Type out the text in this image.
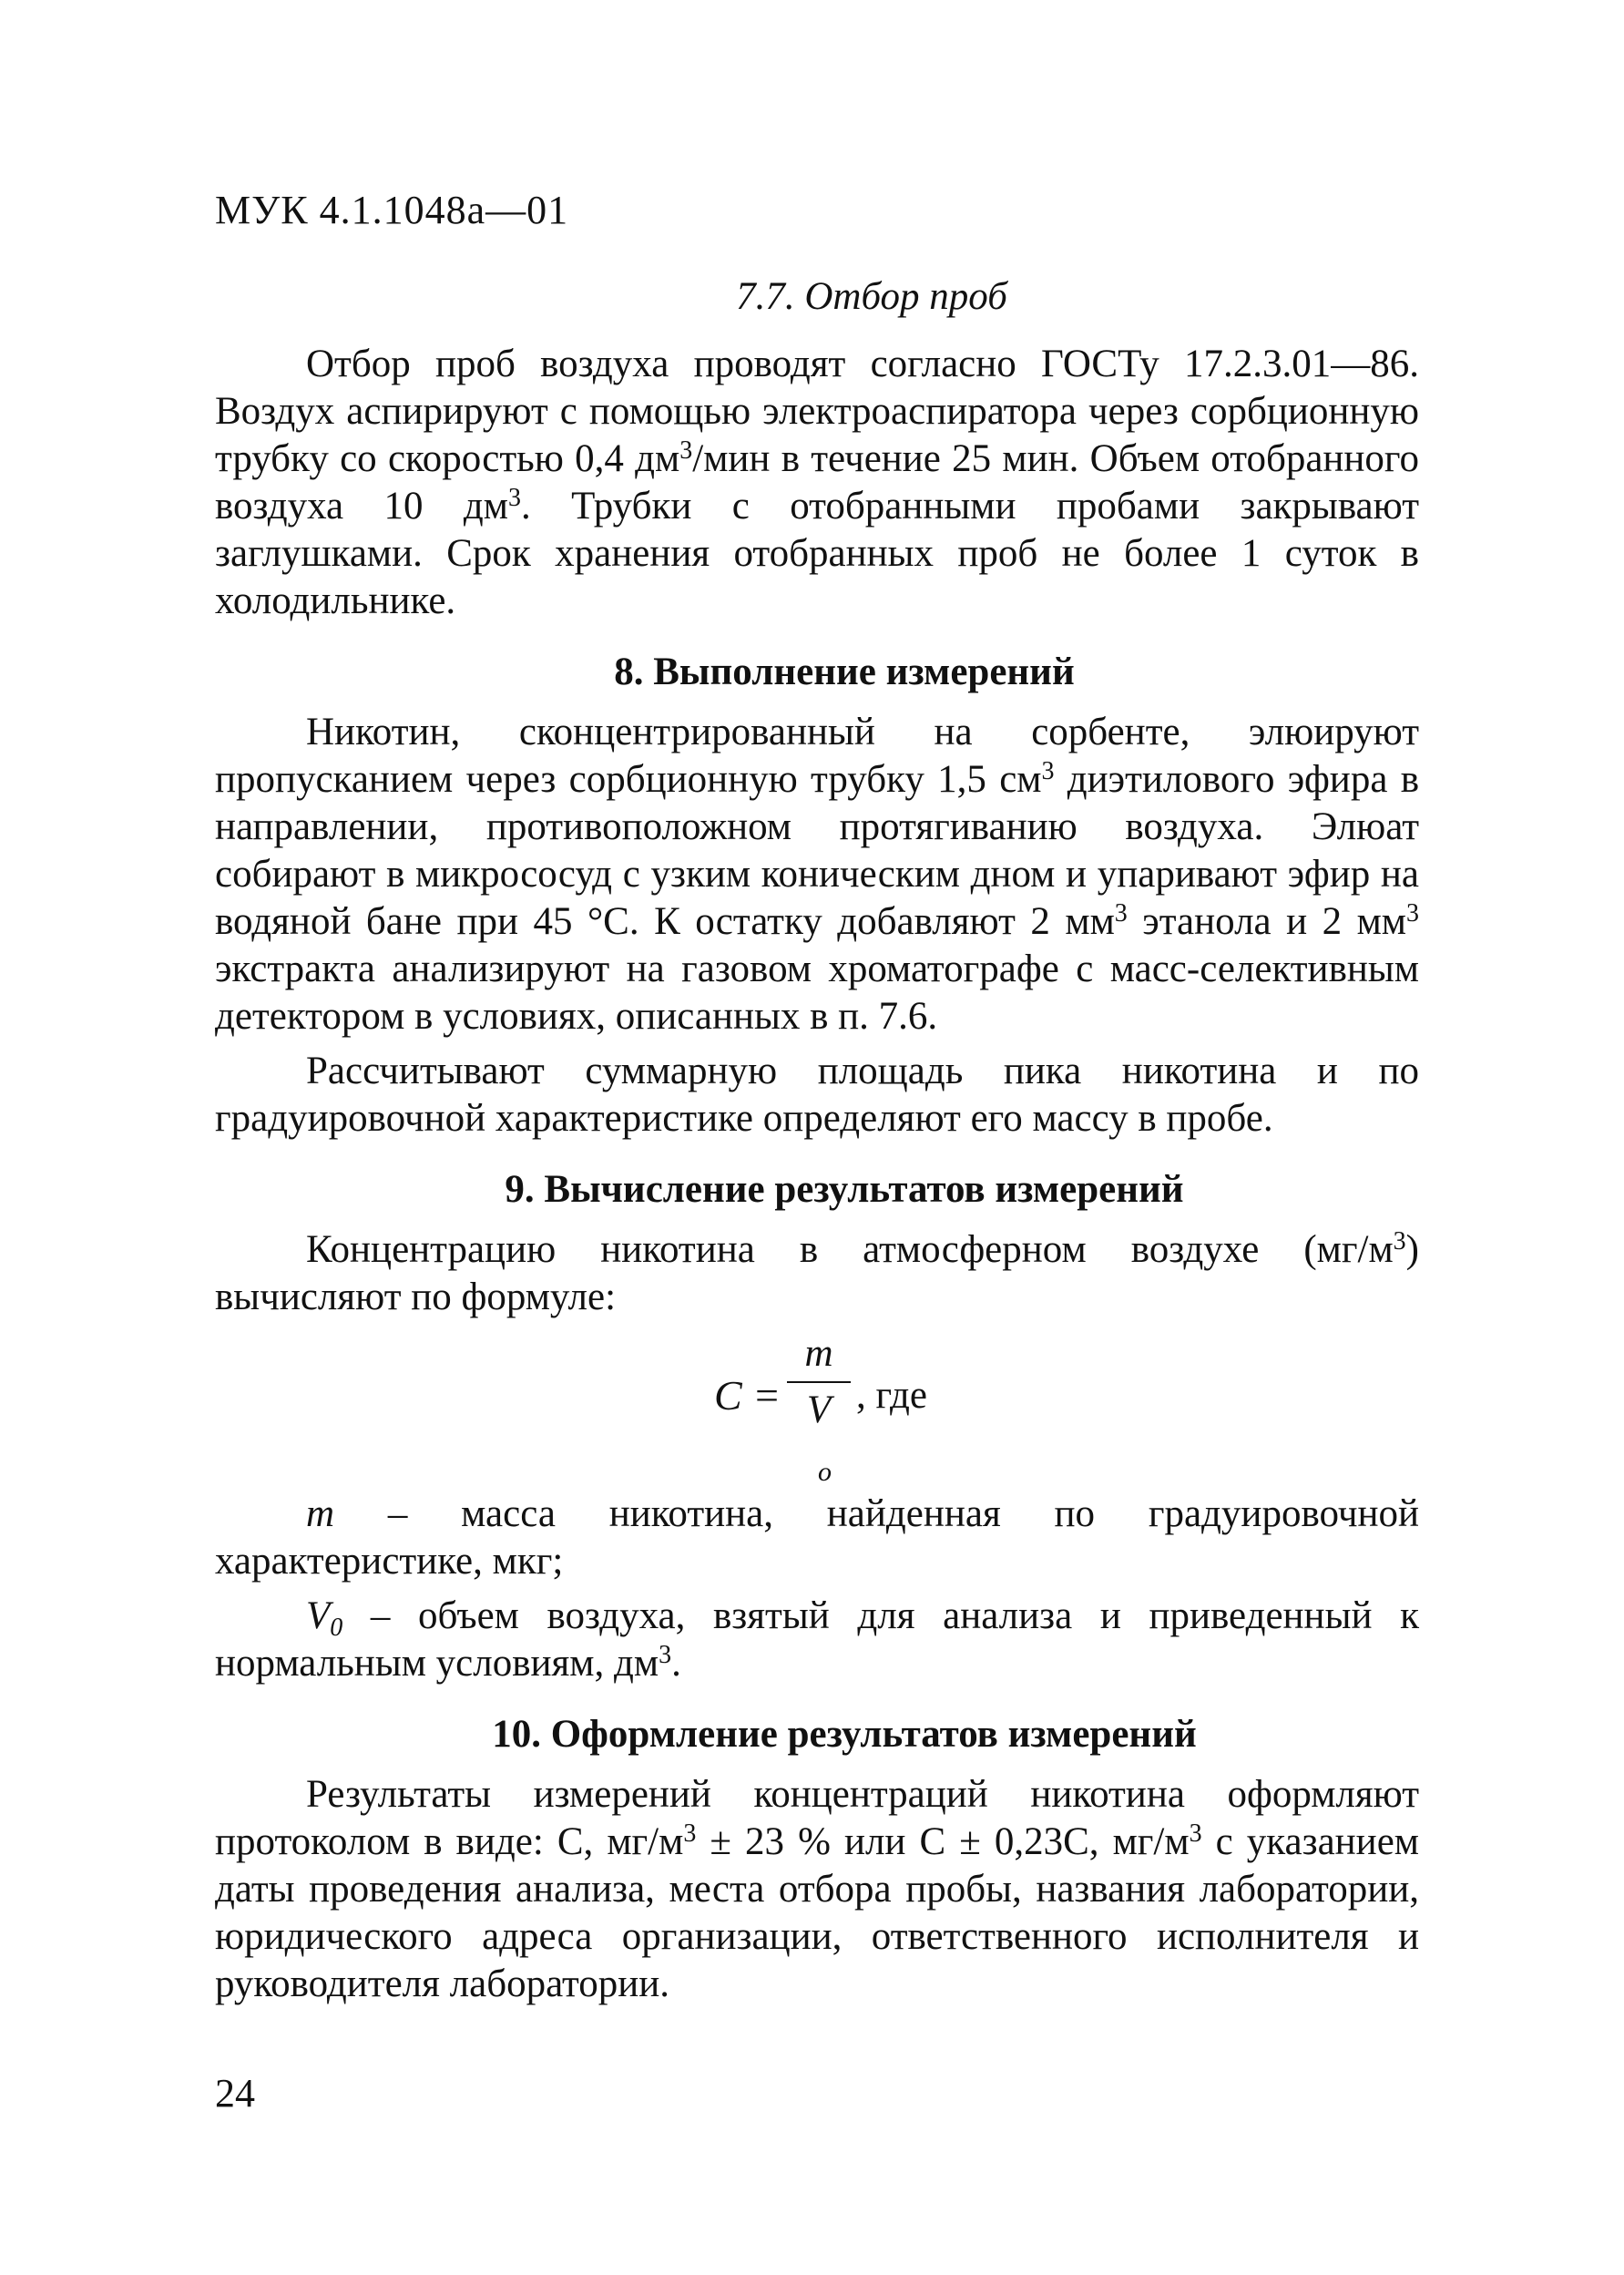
МУК 4.1.1048а—01
7.7. Отбор проб

Отбор проб воздуха проводят согласно ГОСТу 17.2.3.01—86. Воздух аспирируют с помощью электроаспиратора через сорбционную трубку со скоростью 0,4 $дм^3$/мин в течение 25 мин. Объем отобранного воздуха 10 $дм^3$. Трубки с отобранными пробами закрывают заглушками. Срок хранения отобранных проб не более 1 суток в холодильнике.

8. Выполнение измерений

Никотин, сконцентрированный на сорбенте, элюируют пропусканием через сорбционную трубку 1,5 $см^3$ диэтилового эфира в направлении, противоположном протягиванию воздуха. Элюат собирают в микрососуд с узким коническим дном и упаривают эфир на водяной бане при 45 °С. К остатку добавляют 2 $мм^3$ этанола и 2 $мм^3$ экстракта анализируют на газовом хроматографе с масс-селективным детектором в условиях, описанных в п. 7.6.

Рассчитывают суммарную площадь пика никотина и по градуировочной характеристике определяют его массу в пробе.

9. Вычисление результатов измерений

Концентрацию никотина в атмосферном воздухе $(мг/м^3)$ вычисляют по формуле:

C =
m
V
o
, где

m – масса никотина, найденная по градуировочной характеристике, мкг;

$V_0$ – объем воздуха, взятый для анализа и приведенный к нормальным условиям, $дм^3$.

10. Оформление результатов измерений

Результаты измерений концентраций никотина оформляют протоколом в виде: С, $мг/м^3 \pm 23$ % или С ± 0,23С, $мг/м^3$ с указанием даты проведения анализа, места отбора пробы, названия лаборатории, юридического адреса организации, ответственного исполнителя и руководителя лаборатории.

24
